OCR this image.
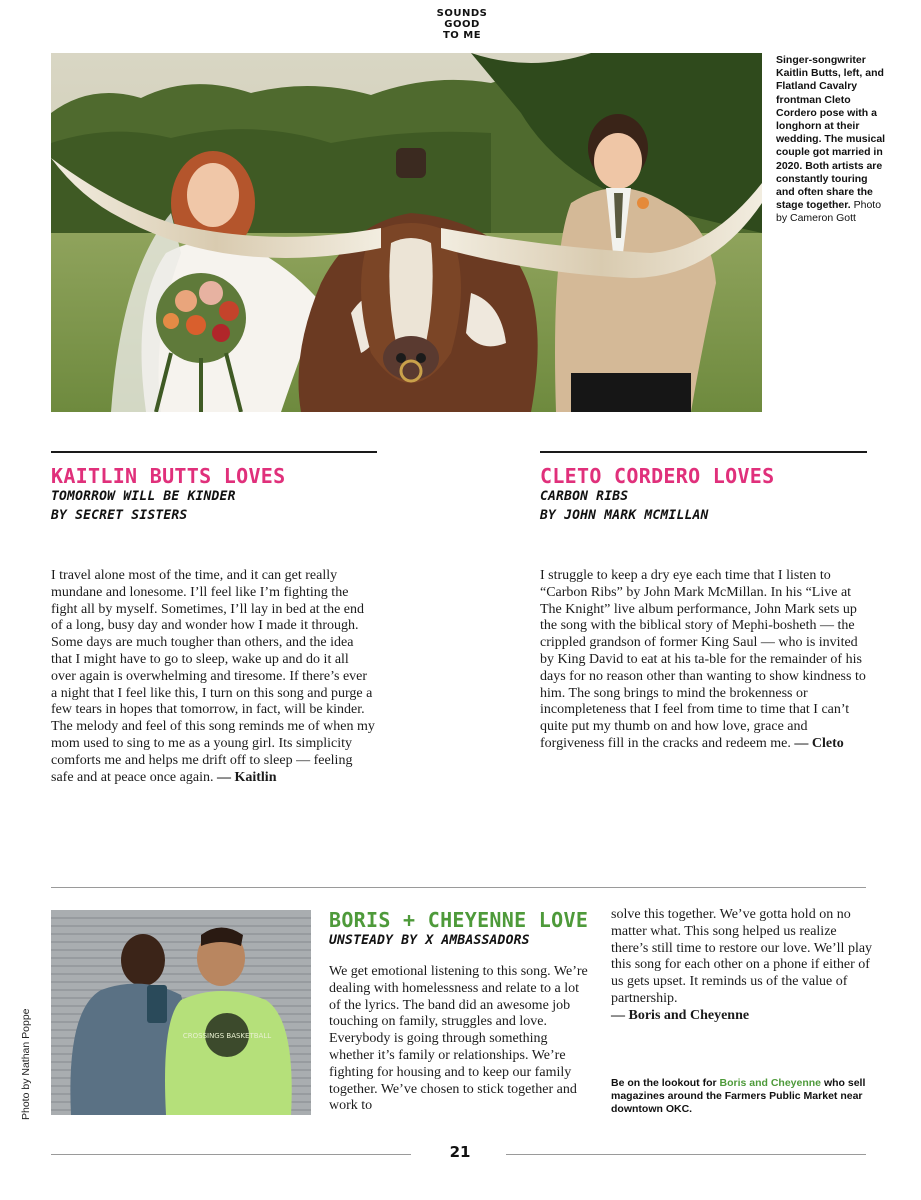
SOUNDS
GOOD
TO ME
Singer-songwriter Kaitlin Butts, left, and Flatland Cavalry frontman Cleto Cordero pose with a longhorn at their wedding. The musical couple got married in 2020. Both artists are constantly touring and often share the stage together. Photo by Cameron Gott
KAITLIN BUTTS LOVES
TOMORROW WILL BE KINDER
BY SECRET SISTERS
I travel alone most of the time, and it can get really mundane and lonesome. I’ll feel like I’m fighting the fight all by myself. Sometimes, I’ll lay in bed at the end of a long, busy day and wonder how I made it through. Some days are much tougher than others, and the idea that I might have to go to sleep, wake up and do it all over again is overwhelming and tiresome. If there’s ever a night that I feel like this, I turn on this song and purge a few tears in hopes that tomorrow, in fact, will be kinder. The melody and feel of this song reminds me of when my mom used to sing to me as a young girl. Its simplicity comforts me and helps me drift off to sleep — feeling safe and at peace once again. — Kaitlin
CLETO CORDERO LOVES
CARBON RIBS
BY JOHN MARK MCMILLAN
I struggle to keep a dry eye each time that I listen to “Carbon Ribs” by John Mark McMillan. In his “Live at The Knight” live album performance, John Mark sets up the song with the biblical story of Mephi-bosheth — the crippled grandson of former King Saul — who is invited by King David to eat at his ta-ble for the remainder of his days for no reason other than wanting to show kindness to him. The song brings to mind the brokenness or incompleteness that I feel from time to time that I can’t quite put my thumb on and how love, grace and forgiveness fill in the cracks and redeem me. — Cleto
Photo by Nathan Poppe	CROSSINGS BASKETBALL
BORIS + CHEYENNE LOVE
UNSTEADY BY X AMBASSADORS
We get emotional listening to this song. We’re dealing with homelessness and relate to a lot of the lyrics. The band did an awesome job touching on family, struggles and love. Everybody is going through something whether it’s family or relationships. We’re fighting for housing and to keep our family together. We’ve chosen to stick together and work to
solve this together. We’ve gotta hold on no matter what. This song helped us realize there’s still time to restore our love. We’ll play this song for each other on a phone if either of us gets upset. It reminds us of the value of partnership.
— Boris and Cheyenne
Be on the lookout for Boris and Cheyenne who sell magazines around the Farmers Public Market near downtown OKC.
21
